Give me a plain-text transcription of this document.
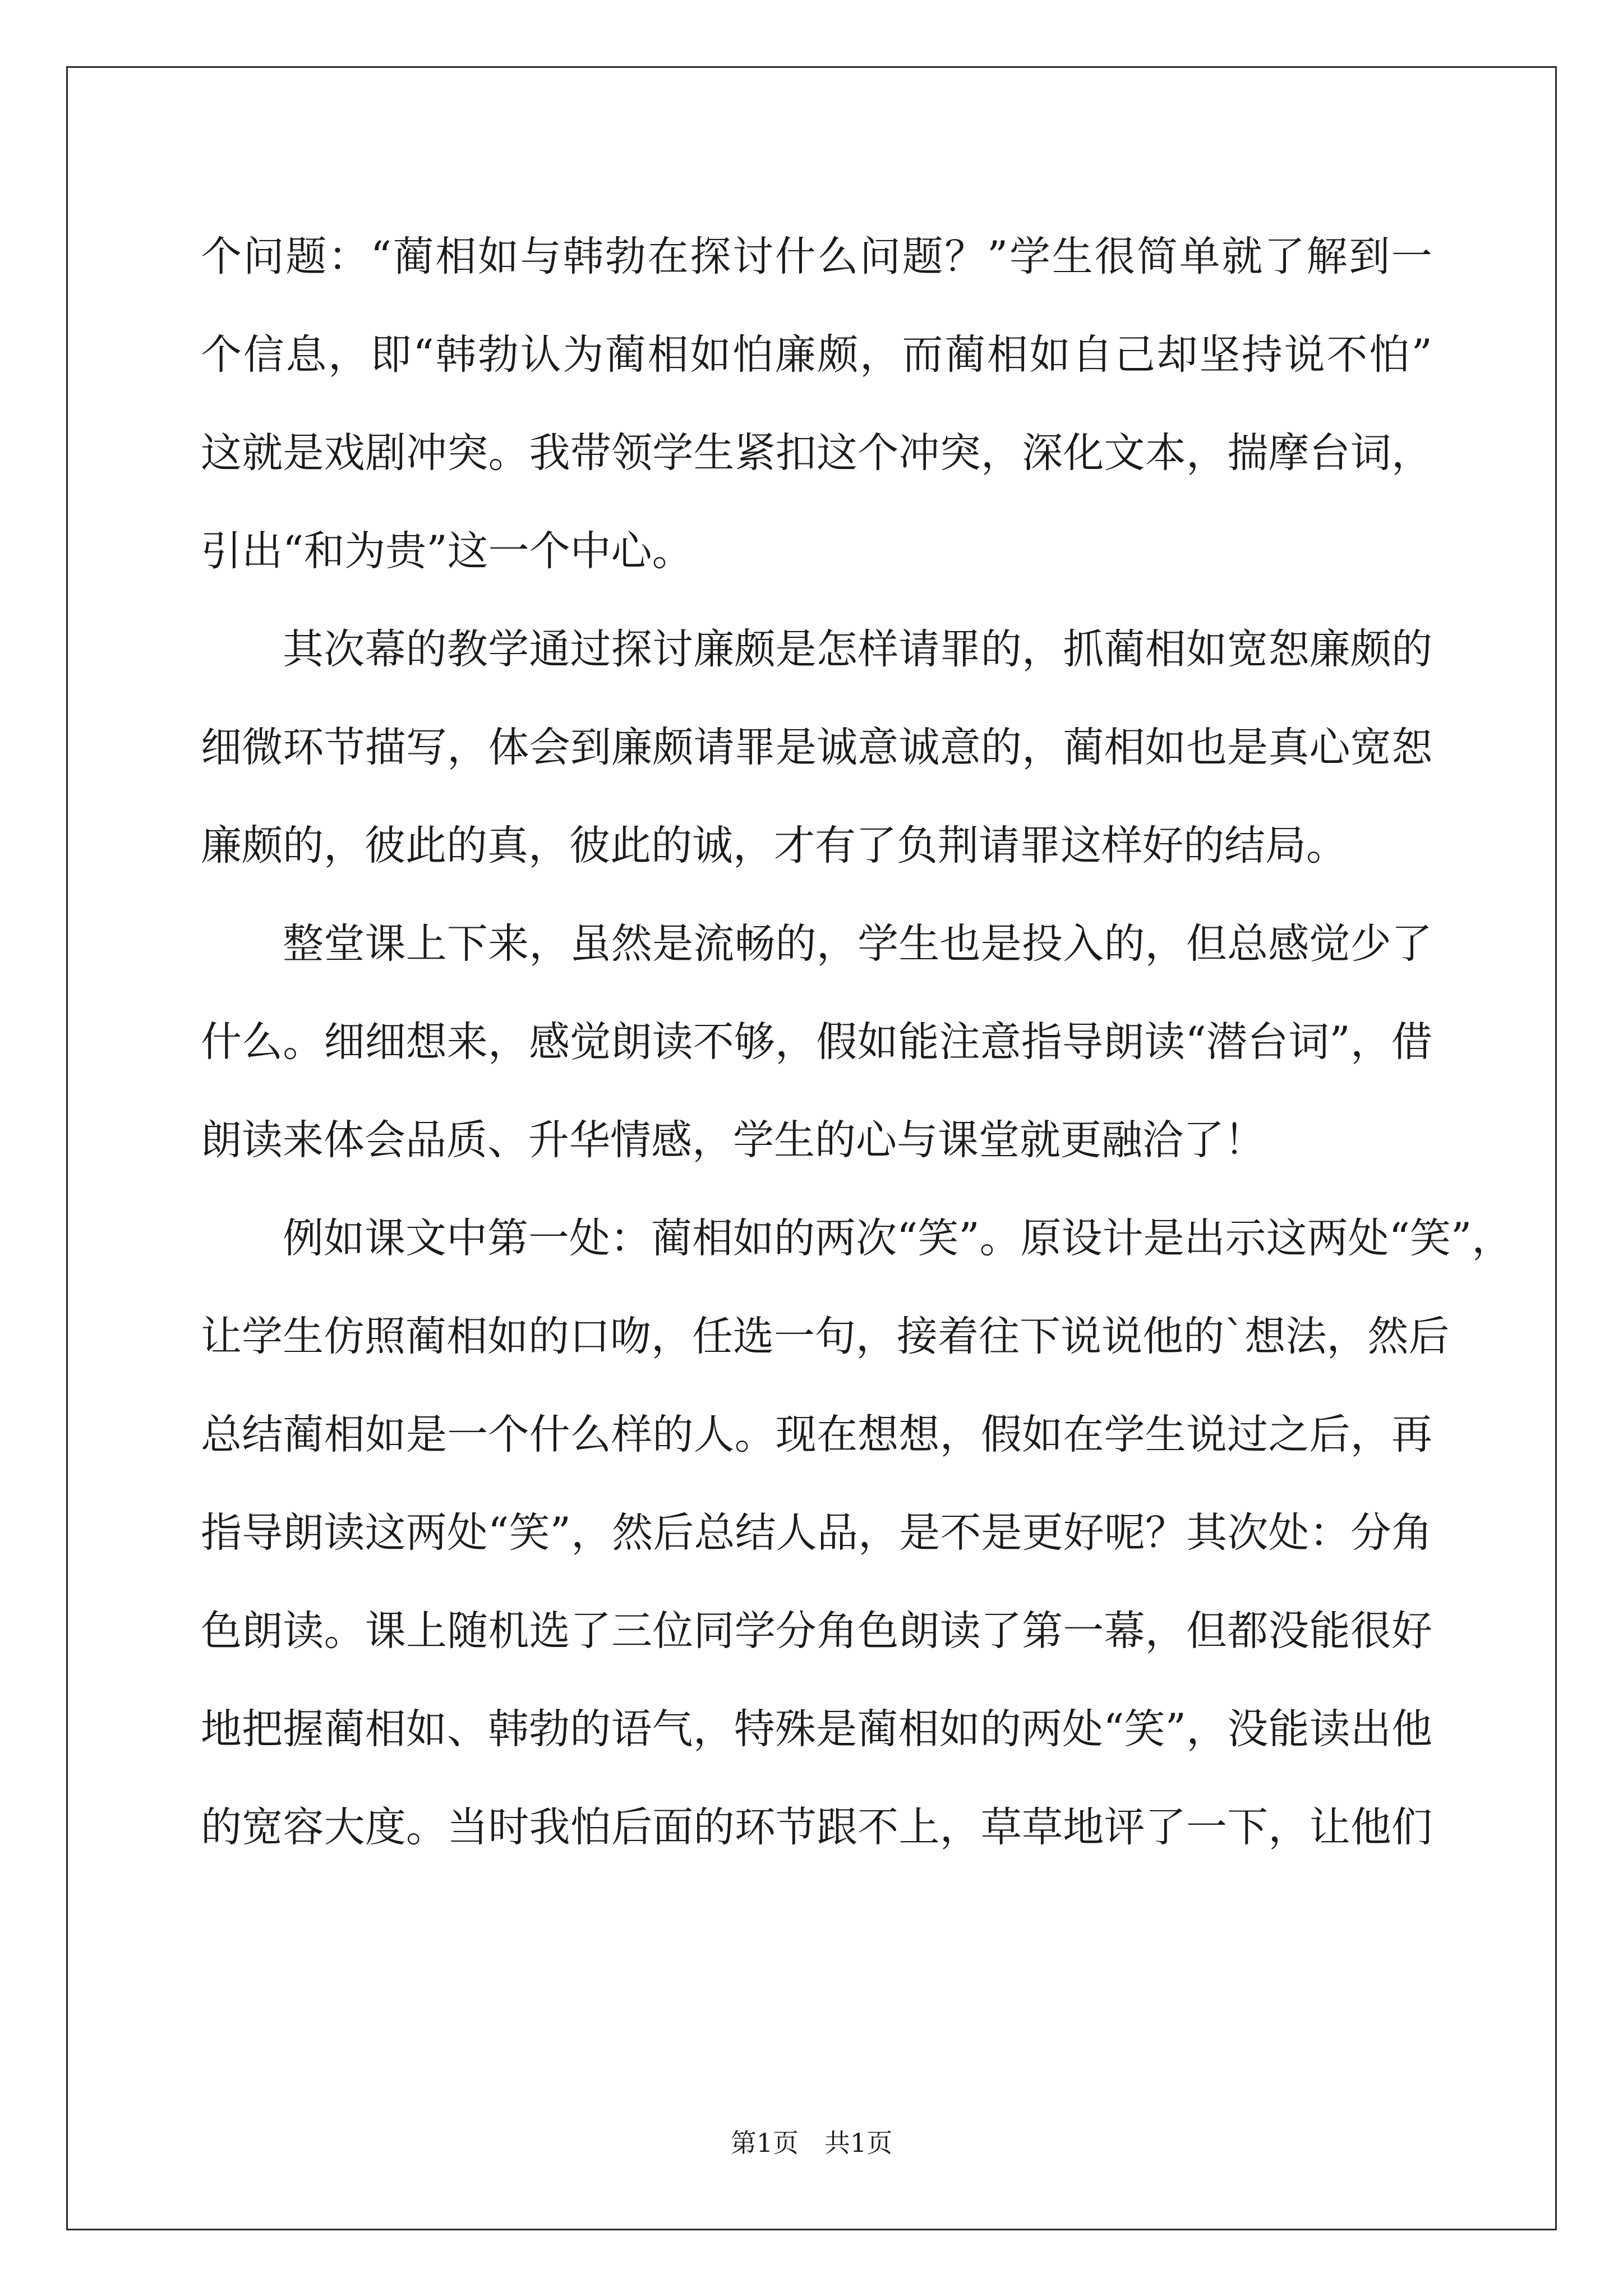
个问题：“蔺相如与韩勃在探讨什么问题？”学生很简单就了解到一
个信息，即“韩勃认为蔺相如怕廉颇，而蔺相如自己却坚持说不怕”
这就是戏剧冲突。我带领学生紧扣这个冲突，深化文本，揣摩台词，
引出“和为贵”这一个中心。
其次幕的教学通过探讨廉颇是怎样请罪的，抓蔺相如宽恕廉颇的
细微环节描写，体会到廉颇请罪是诚意诚意的，蔺相如也是真心宽恕
廉颇的，彼此的真，彼此的诚，才有了负荆请罪这样好的结局。
整堂课上下来，虽然是流畅的，学生也是投入的，但总感觉少了
什么。细细想来，感觉朗读不够，假如能注意指导朗读“潜台词”，借
朗读来体会品质、升华情感，学生的心与课堂就更融洽了！
例如课文中第一处：蔺相如的两次“笑”。原设计是出示这两处“笑”，
让学生仿照蔺相如的口吻，任选一句，接着往下说说他的`想法，然后
总结蔺相如是一个什么样的人。现在想想，假如在学生说过之后，再
指导朗读这两处“笑”，然后总结人品，是不是更好呢？其次处：分角
色朗读。课上随机选了三位同学分角色朗读了第一幕，但都没能很好
地把握蔺相如、韩勃的语气，特殊是蔺相如的两处“笑”，没能读出他
的宽容大度。当时我怕后面的环节跟不上，草草地评了一下，让他们
第1页　共1页
